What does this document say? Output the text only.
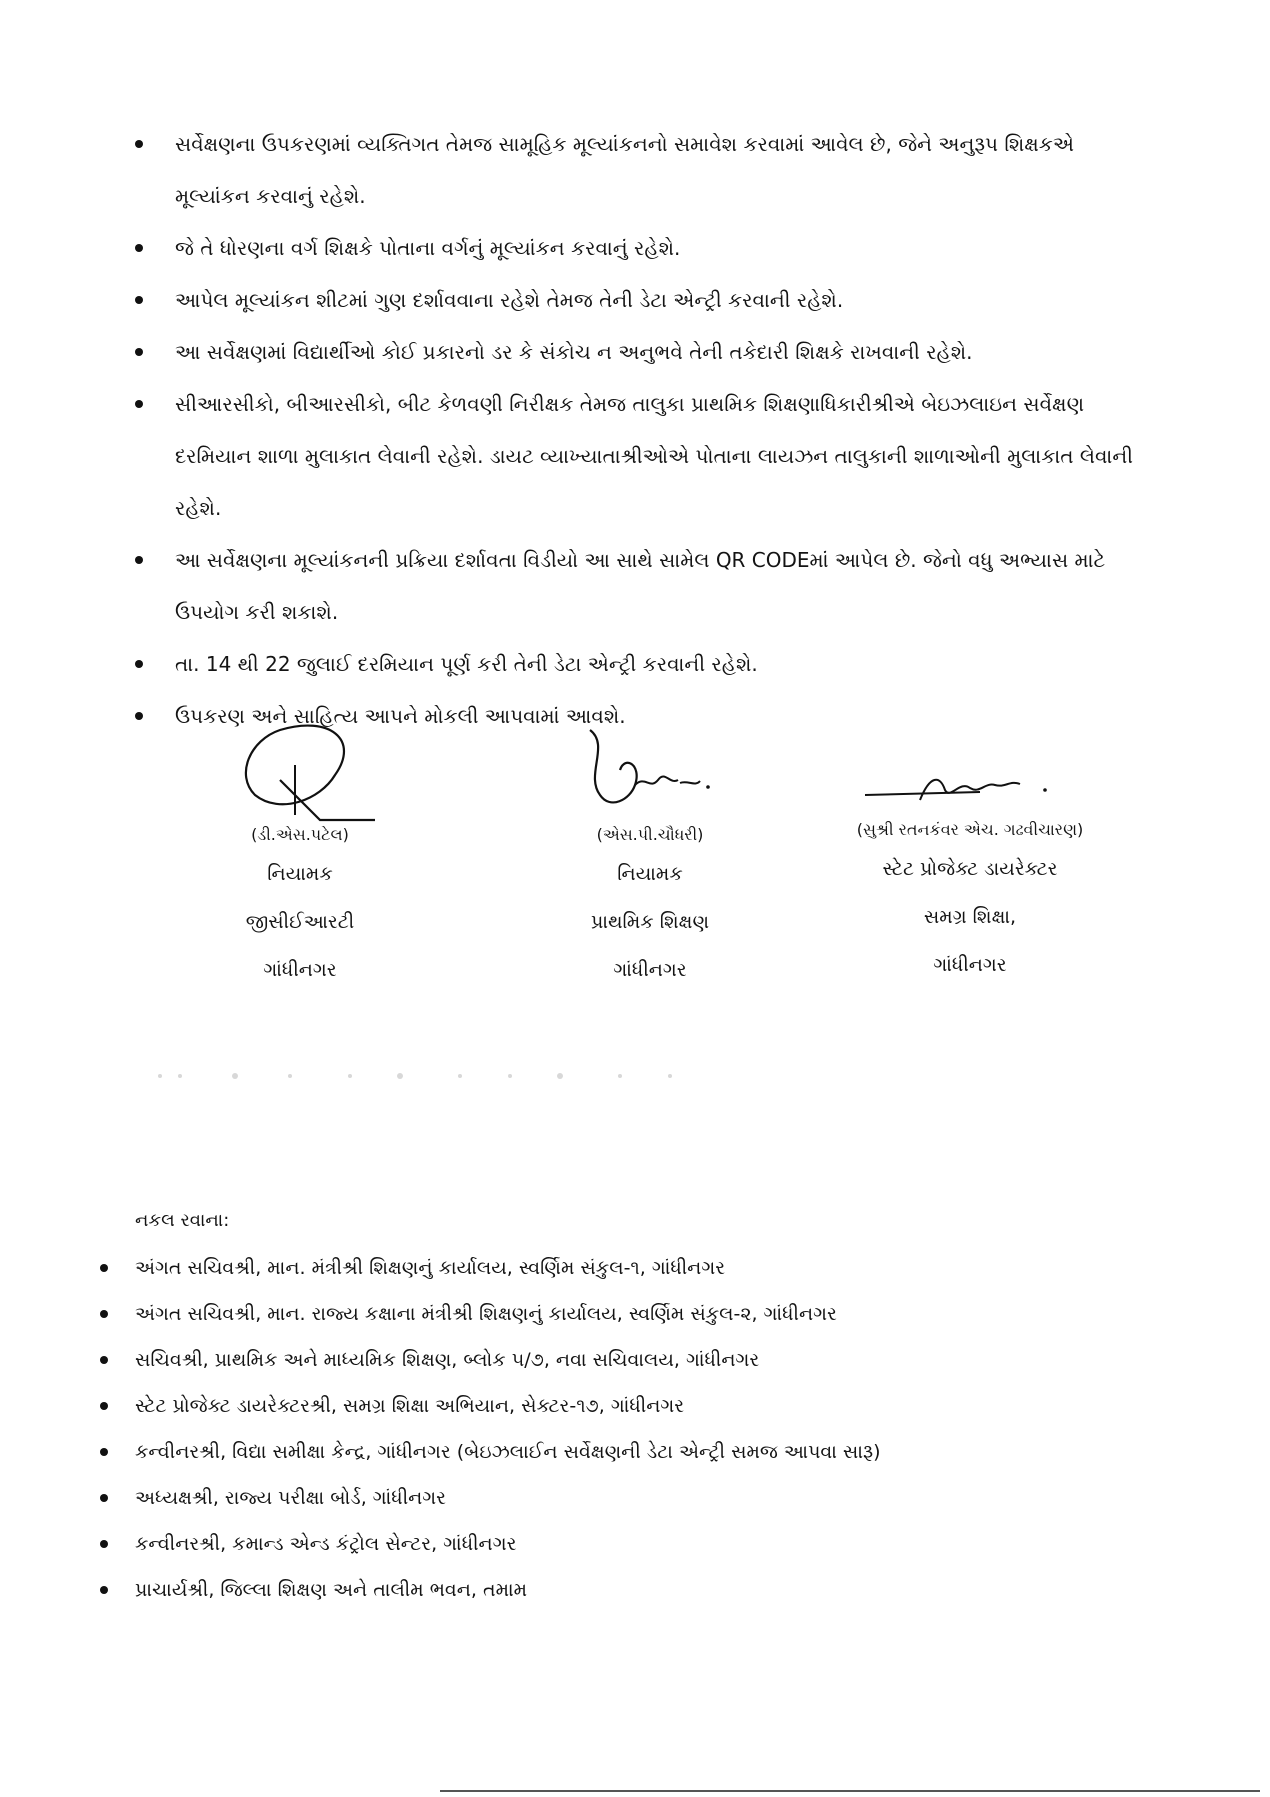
સર્વેક્ષણના ઉપકરણમાં વ્યક્તિગત તેમજ સામૂહિક મૂલ્યાંકનનો સમાવેશ કરવામાં આવેલ છે, જેને અનુરૂપ શિક્ષકએ મૂલ્યાંકન કરવાનું રહેશે.
જે તે ધોરણના વર્ગ શિક્ષકે પોતાના વર્ગનું મૂલ્યાંકન કરવાનું રહેશે.
આપેલ મૂલ્યાંકન શીટમાં ગુણ દર્શાવવાના રહેશે તેમજ તેની ડેટા એન્ટ્રી કરવાની રહેશે.
આ સર્વેક્ષણમાં વિદ્યાર્થીઓ કોઈ પ્રકારનો ડર કે સંકોચ ન અનુભવે તેની તકેદારી શિક્ષકે રાખવાની રહેશે.
સીઆરસીકો, બીઆરસીકો, બીટ કેળવણી નિરીક્ષક તેમજ તાલુકા પ્રાથમિક શિક્ષણાધિકારીશ્રીએ બેઇઝલાઇન સર્વેક્ષણ દરમિયાન શાળા મુલાકાત લેવાની રહેશે. ડાયટ વ્યાખ્યાતાશ્રીઓએ પોતાના લાયઝન તાલુકાની શાળાઓની મુલાકાત લેવાની રહેશે.
આ સર્વેક્ષણના મૂલ્યાંકનની પ્રક્રિયા દર્શાવતા વિડીયો આ સાથે સામેલ QR CODEમાં આપેલ છે. જેનો વધુ અભ્યાસ માટે ઉપયોગ કરી શકાશે.
તા. 14 થી 22 જુલાઈ દરમિયાન પૂર્ણ કરી તેની ડેટા એન્ટ્રી કરવાની રહેશે.
ઉપકરણ અને સાહિત્ય આપને મોકલી આપવામાં આવશે.
(ડી.એસ.પટેલ)
નિયામક
જીસીઈઆરટી
ગાંધીનગર
(એસ.પી.ચૌધરી)
નિયામક
પ્રાથમિક શિક્ષણ
ગાંધીનગર
(સુશ્રી રતનકંવર એચ. ગઢવીચારણ)
સ્ટેટ પ્રોજેક્ટ ડાયરેક્ટર
સમગ્ર શિક્ષા,
ગાંધીનગર
નકલ રવાના:
અંગત સચિવશ્રી, માન. મંત્રીશ્રી શિક્ષણનું કાર્યાલય, સ્વર્ણિમ સંકુલ-૧, ગાંધીનગર
અંગત સચિવશ્રી, માન. રાજ્ય કક્ષાના મંત્રીશ્રી શિક્ષણનું કાર્યાલય, સ્વર્ણિમ સંકુલ-૨, ગાંધીનગર
સચિવશ્રી, પ્રાથમિક અને માધ્યમિક શિક્ષણ, બ્લોક ૫/૭, નવા સચિવાલય, ગાંધીનગર
સ્ટેટ પ્રોજેક્ટ ડાયરેક્ટરશ્રી, સમગ્ર શિક્ષા અભિયાન, સેક્ટર-૧૭, ગાંધીનગર
કન્વીનરશ્રી, વિદ્યા સમીક્ષા કેન્દ્ર, ગાંધીનગર (બેઇઝલાઈન સર્વેક્ષણની ડેટા એન્ટ્રી સમજ આપવા સારૂ)
અધ્યક્ષશ્રી, રાજ્ય પરીક્ષા બોર્ડ, ગાંધીનગર
કન્વીનરશ્રી, કમાન્ડ એન્ડ કંટ્રોલ સેન્ટર, ગાંધીનગર
પ્રાચાર્યશ્રી, જિલ્લા શિક્ષણ અને તાલીમ ભવન, તમામ
